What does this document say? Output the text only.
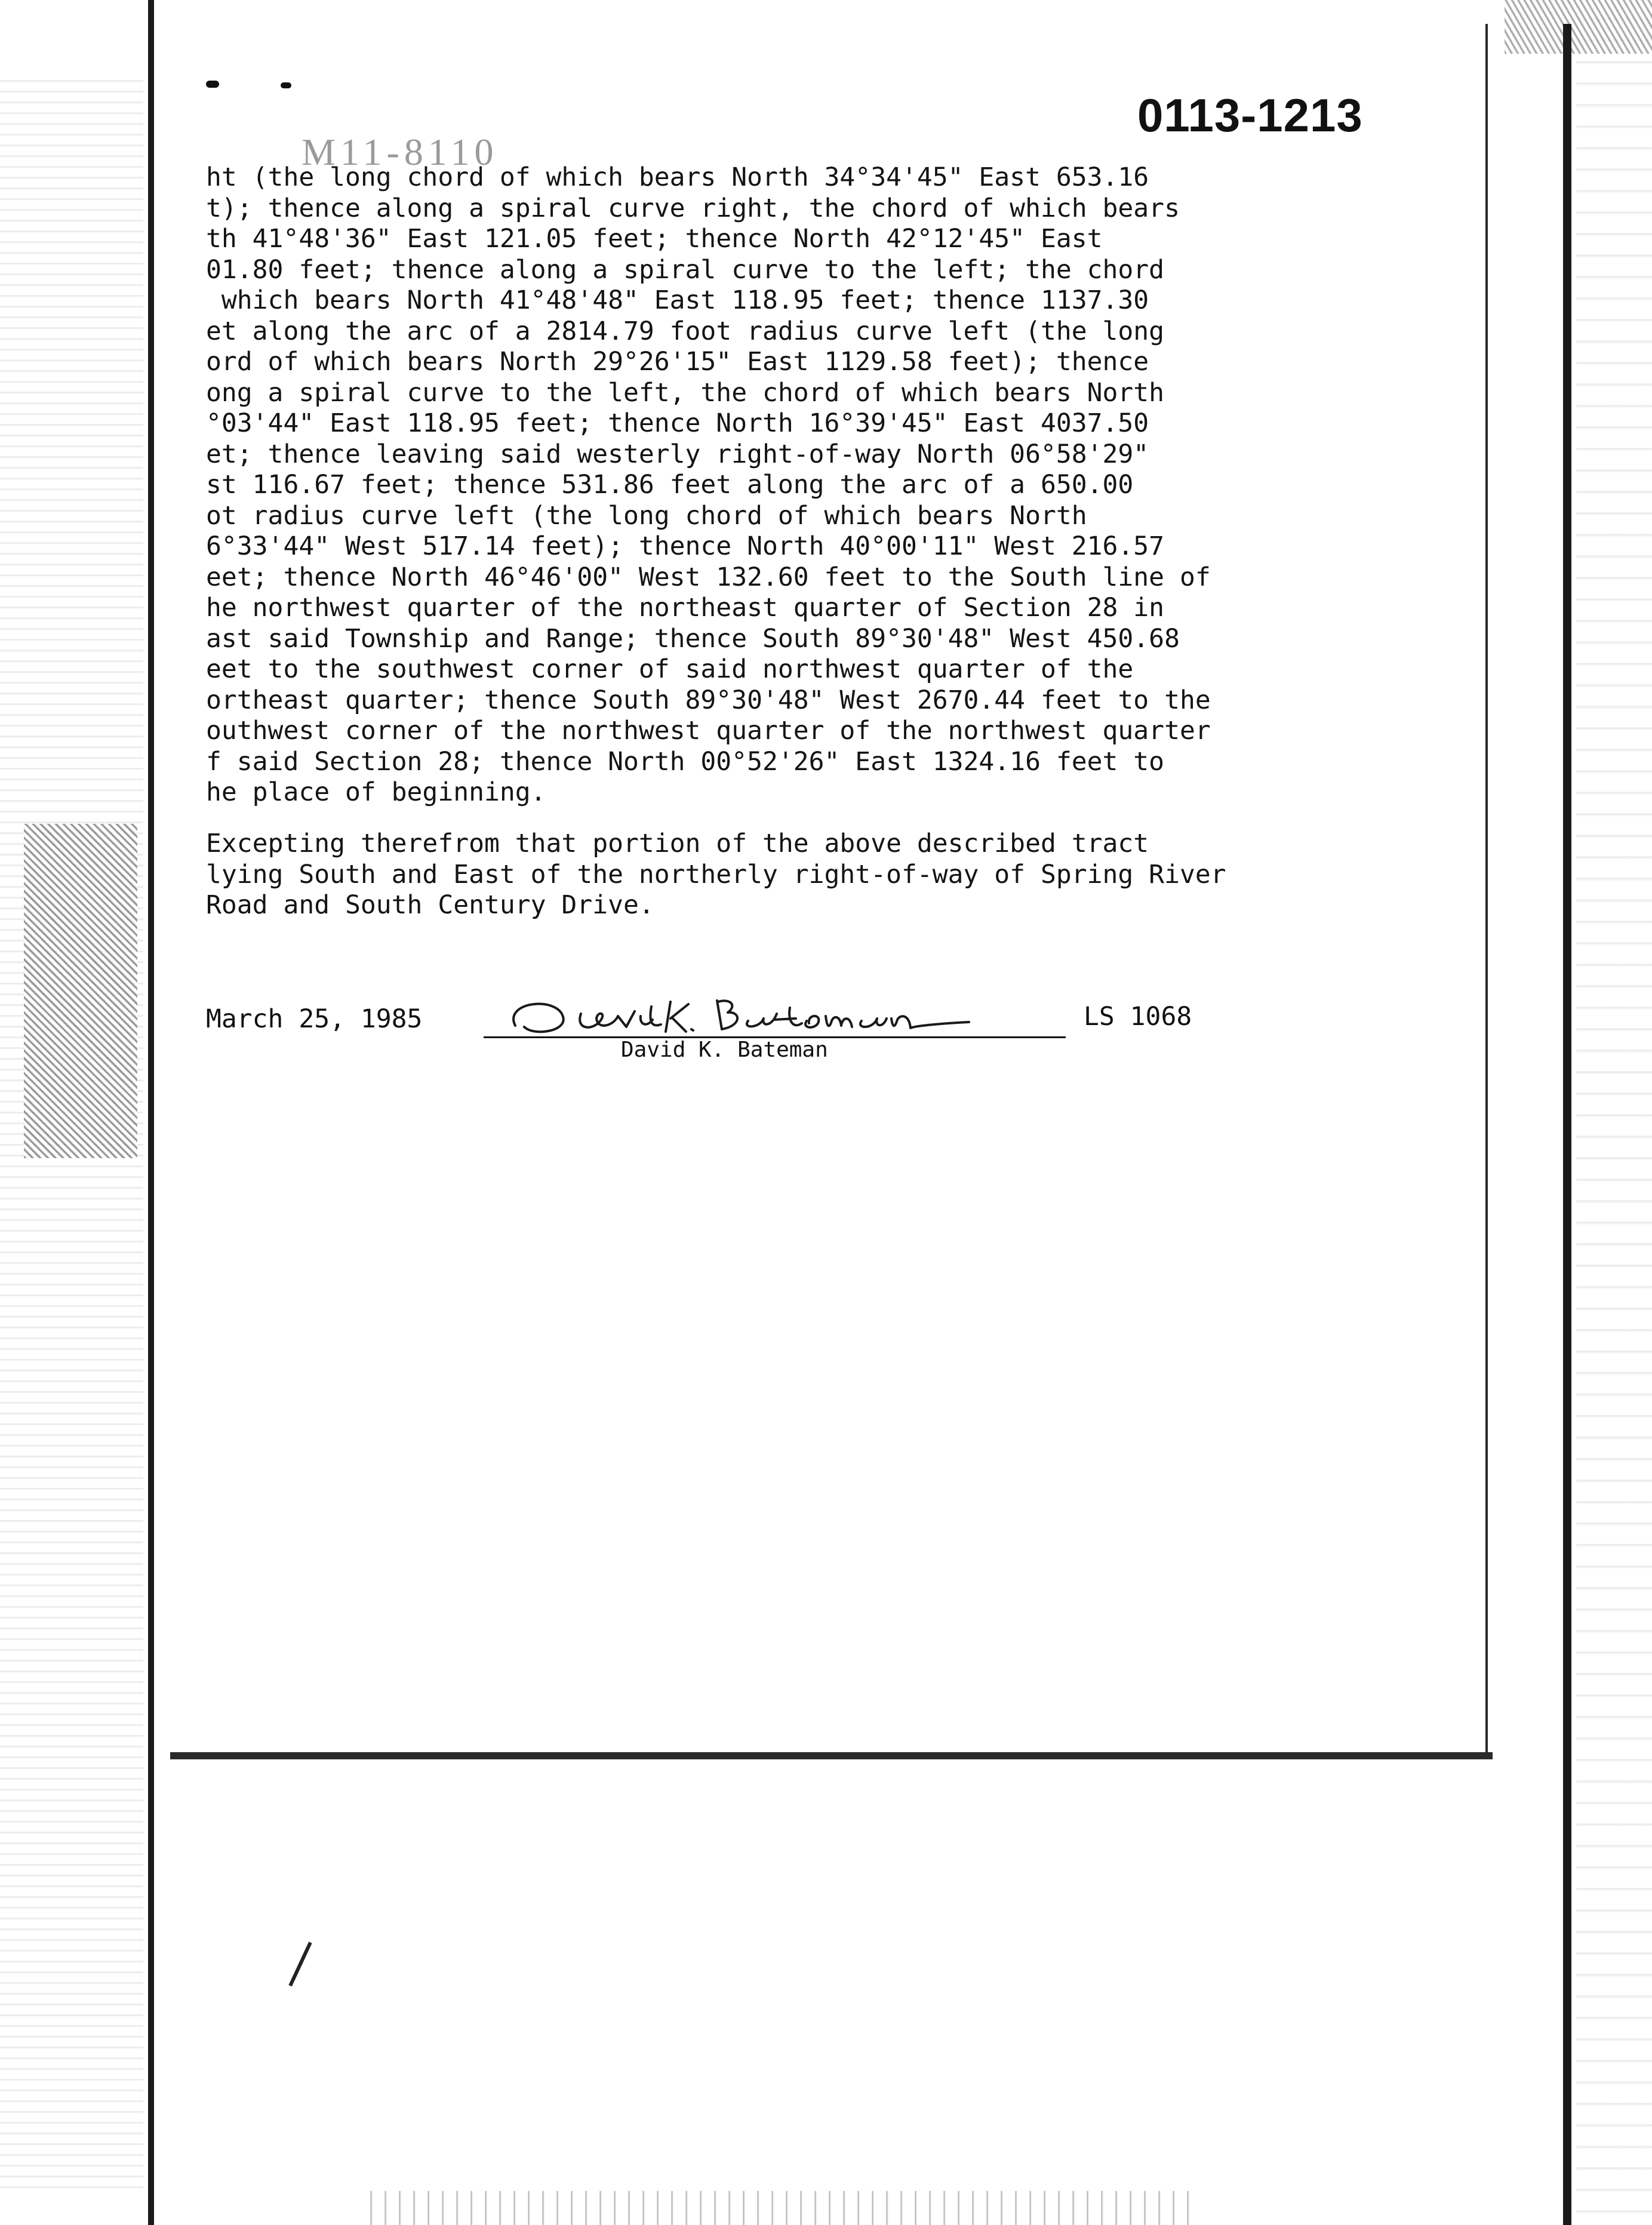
0113-1213
M11-8110
ht (the long chord of which bears North 34°34'45" East 653.16
t); thence along a spiral curve right, the chord of which bears
th 41°48'36" East 121.05 feet; thence North 42°12'45" East
01.80 feet; thence along a spiral curve to the left; the chord
which bears North 41°48'48" East 118.95 feet; thence 1137.30
et along the arc of a 2814.79 foot radius curve left (the long
ord of which bears North 29°26'15" East 1129.58 feet); thence
ong a spiral curve to the left, the chord of which bears North
°03'44" East 118.95 feet; thence North 16°39'45" East 4037.50
et; thence leaving said westerly right-of-way North 06°58'29"
st 116.67 feet; thence 531.86 feet along the arc of a 650.00
ot radius curve left (the long chord of which bears North
6°33'44" West 517.14 feet); thence North 40°00'11" West 216.57
eet; thence North 46°46'00" West 132.60 feet to the South line of
he northwest quarter of the northeast quarter of Section 28 in
ast said Township and Range; thence South 89°30'48" West 450.68
eet to the southwest corner of said northwest quarter of the
ortheast quarter; thence South 89°30'48" West 2670.44 feet to the
outhwest corner of the northwest quarter of the northwest quarter
f said Section 28; thence North 00°52'26" East 1324.16 feet to
he place of beginning.
Excepting therefrom that portion of the above described tract
lying South and East of the northerly right-of-way of Spring River
Road and South Century Drive.
March 25, 1985
David K. Bateman
LS 1068
